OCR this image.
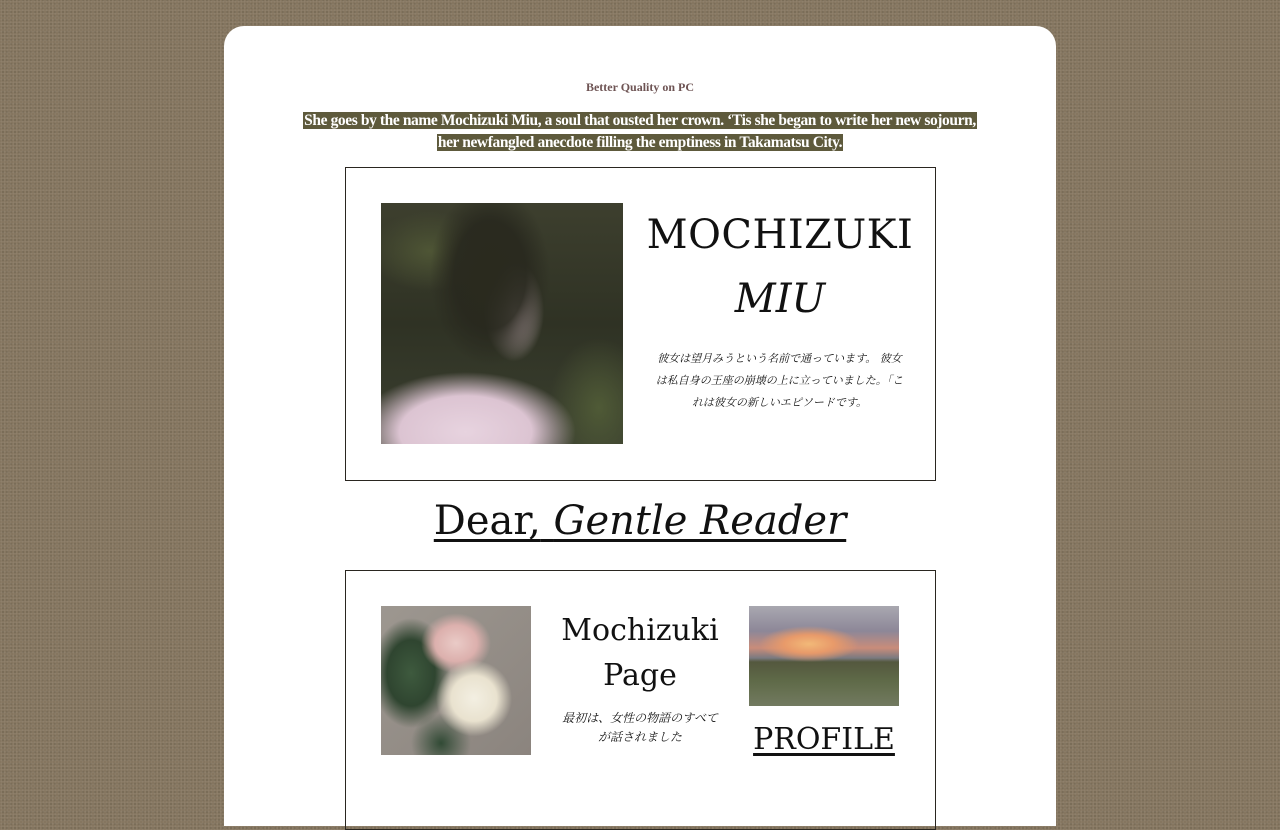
Better Quality on PC
She goes by the name Mochizuki Miu, a soul that ousted her crown. ‘Tis she began to write her new sojourn,
her newfangled anecdote filling the emptiness in Takamatsu City.
MOCHIZUKI
MIU
彼女は望月みうという名前で通っています。 彼女は私自身の王座の崩壊の上に立っていました。「これは彼女の新しいエピソードです。
Dear, Gentle Reader
Mochizuki
Page
最初は、女性の物語のすべてが話されました	PROFILE
